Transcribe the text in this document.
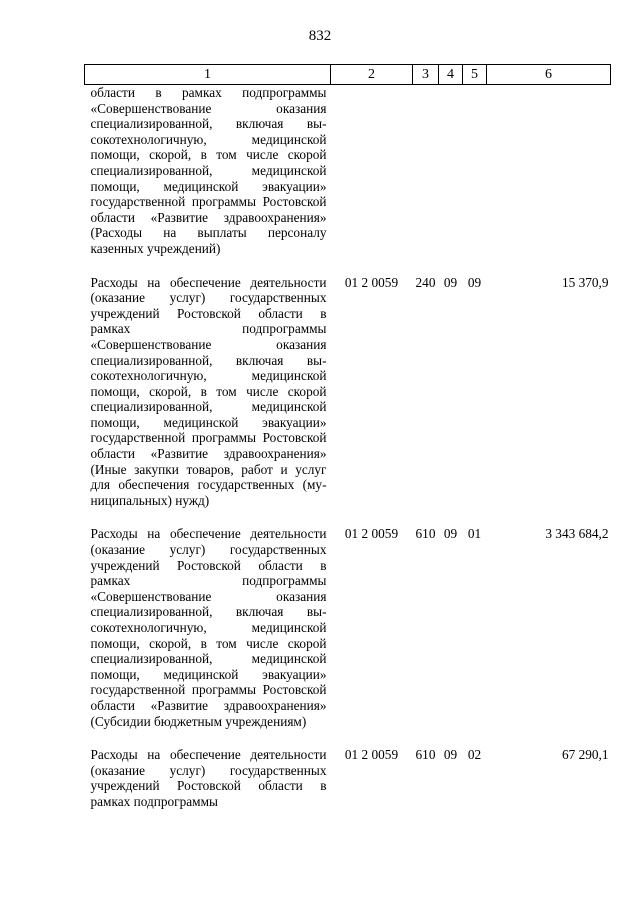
832
1	2	3	4	5	6
области в рамках подпрограммы «Совершенствование оказания специализированной, включая высокотехнологичную, медицинской помощи, скорой, в том числе скорой специализированной, медицинской помощи, медицинской эвакуации» государственной программы Ростовской области «Развитие здравоохранения» (Расходы на выплаты персоналу казенных учреждений)					
Расходы на обеспечение деятельности (оказание услуг) государственных учреждений Ростовской области в рамках подпрограммы «Совершенствование оказания специализированной, включая высокотехнологичную, медицинской помощи, скорой, в том числе скорой специализированной, медицинской помощи, медицинской эвакуации» государственной программы Ростовской области «Развитие здравоохранения» (Иные закупки товаров, работ и услуг для обеспечения государственных (муниципальных) нужд)	01 2 0059	240	09	09	15 370,9
Расходы на обеспечение деятельности (оказание услуг) государственных учреждений Ростовской области в рамках подпрограммы «Совершенствование оказания специализированной, включая высокотехнологичную, медицинской помощи, скорой, в том числе скорой специализированной, медицинской помощи, медицинской эвакуации» государственной программы Ростовской области «Развитие здравоохранения» (Субсидии бюджетным учреждениям)	01 2 0059	610	09	01	3 343 684,2
Расходы на обеспечение деятельности (оказание услуг) государственных учреждений Ростовской области в рамках подпрограммы	01 2 0059	610	09	02	67 290,1
